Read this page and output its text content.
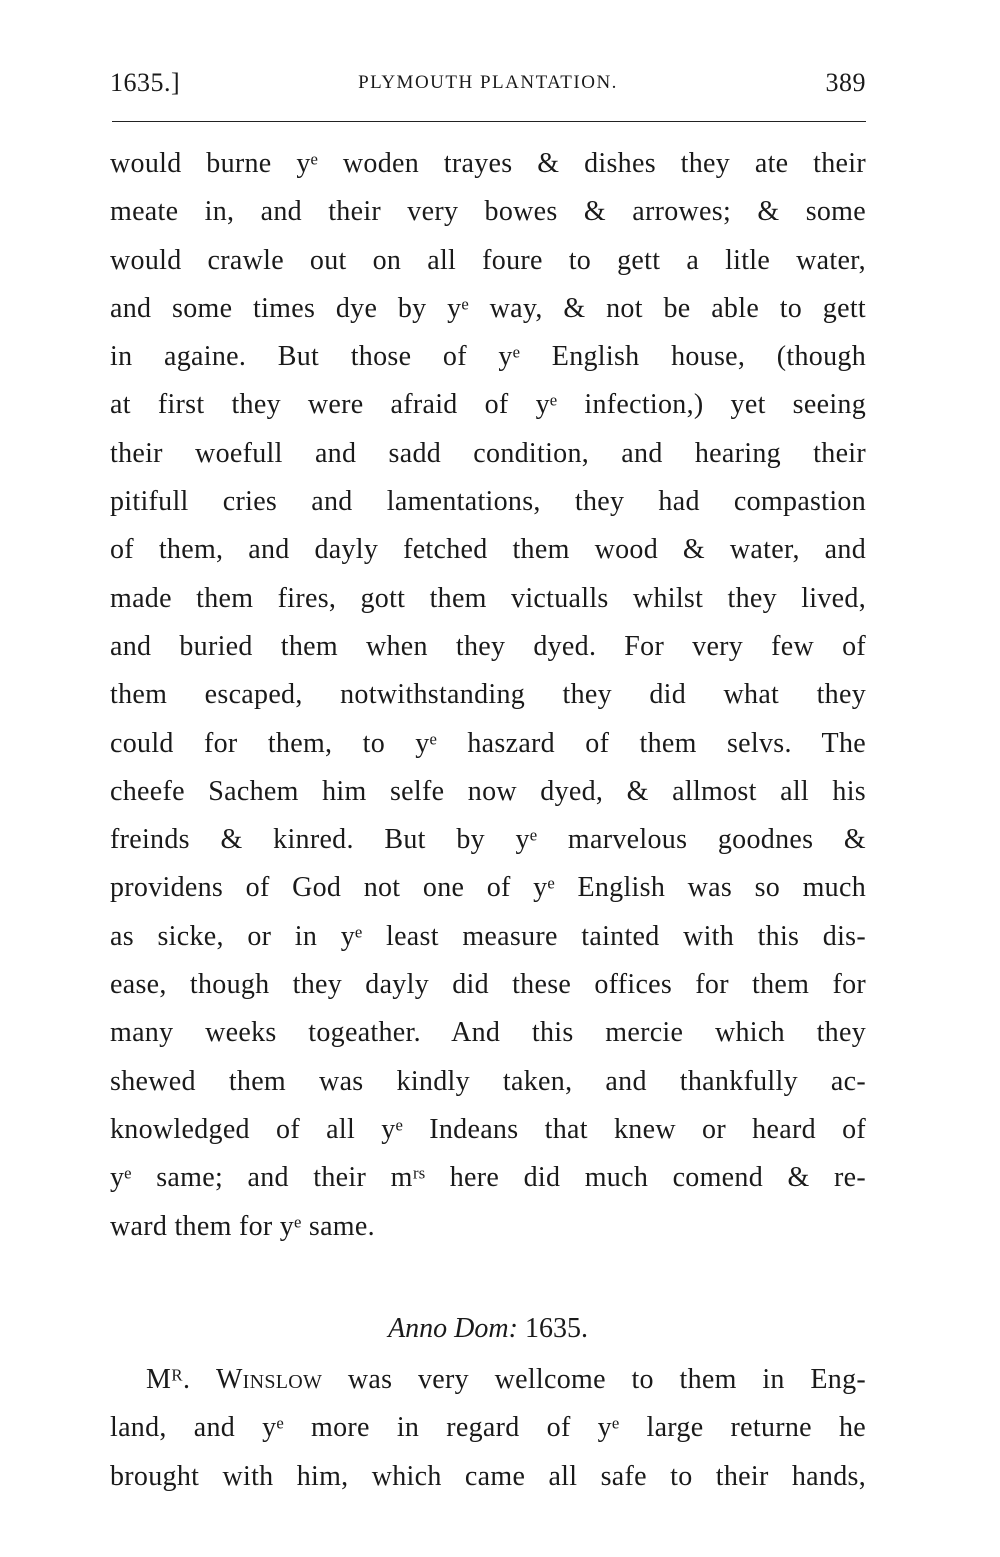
1635.]	PLYMOUTH PLANTATION.	389
would burne yᵉ woden trayes & dishes they ate their
meate in, and their very bowes & arrowes; & some
would crawle out on all foure to gett a litle water,
and some times dye by yᵉ way, & not be able to gett
in againe. But those of yᵉ English house, (though
at first they were afraid of yᵉ infection,) yet seeing
their woefull and sadd condition, and hearing their
pitifull cries and lamentations, they had compastion
of them, and dayly fetched them wood & water, and
made them fires, gott them victualls whilst they lived,
and buried them when they dyed. For very few of
them escaped, notwithstanding they did what they
could for them, to yᵉ haszard of them selvs. The
cheefe Sachem him selfe now dyed, & allmost all his
freinds & kinred. But by yᵉ marvelous goodnes &
providens of God not one of yᵉ English was so much
as sicke, or in yᵉ least measure tainted with this dis-
ease, though they dayly did these offices for them for
many weeks togeather. And this mercie which they
shewed them was kindly taken, and thankfully ac-
knowledged of all yᵉ Indeans that knew or heard of
yᵉ same; and their mʳˢ here did much comend & re-
ward them for yᵉ same.
Anno Dom: 1635.
Mᴿ. Winslow was very wellcome to them in Eng-
land, and yᵉ more in regard of yᵉ large returne he
brought with him, which came all safe to their hands,
